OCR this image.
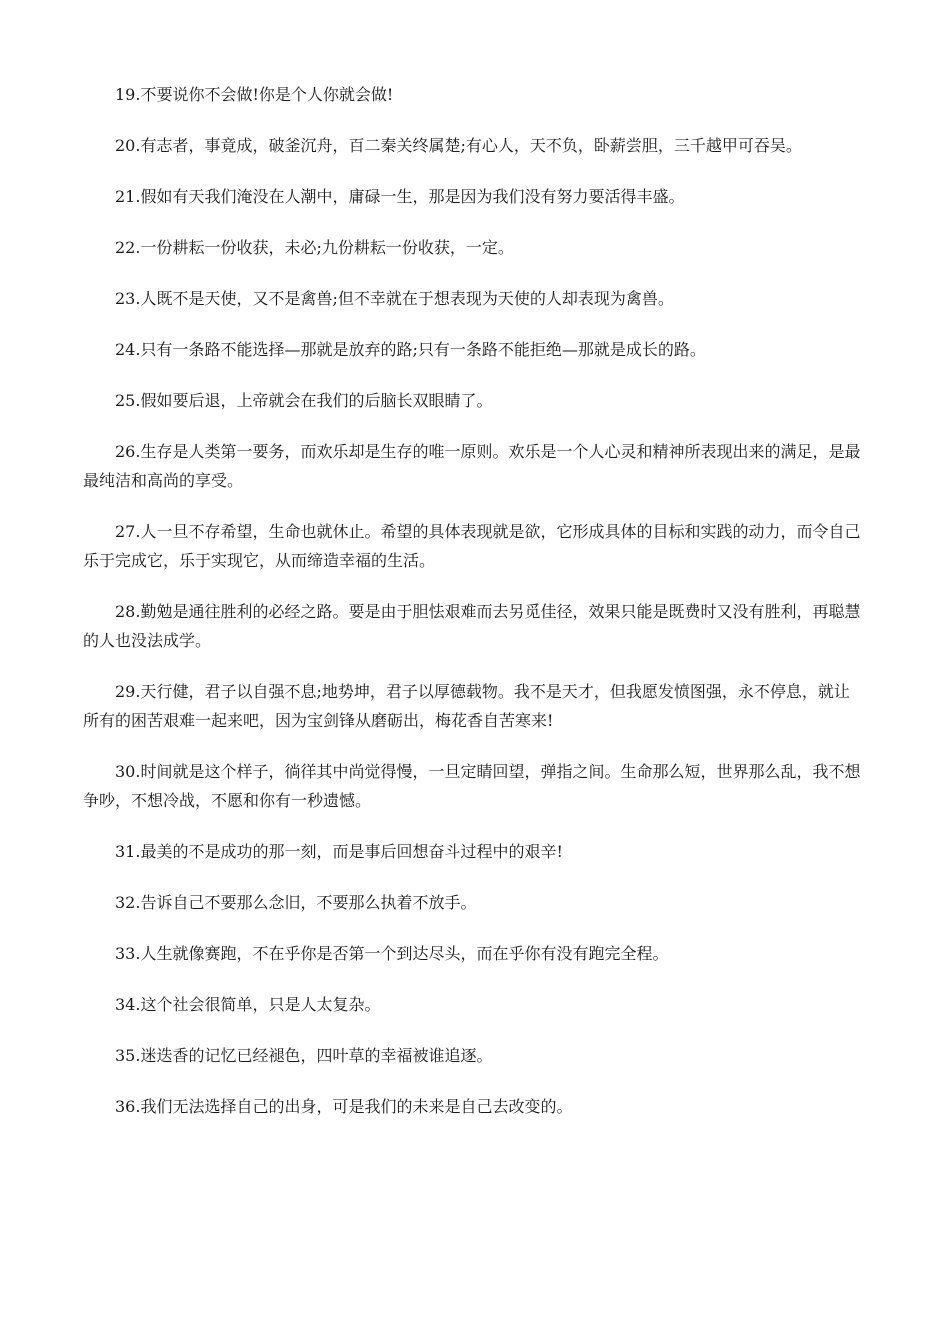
19.不要说你不会做!你是个人你就会做!

20.有志者，事竟成，破釜沉舟，百二秦关终属楚;有心人，天不负，卧薪尝胆，三千越甲可吞吴。

21.假如有天我们淹没在人潮中，庸碌一生，那是因为我们没有努力要活得丰盛。

22.一份耕耘一份收获，未必;九份耕耘一份收获，一定。

23.人既不是天使，又不是禽兽;但不幸就在于想表现为天使的人却表现为禽兽。

24.只有一条路不能选择—那就是放弃的路;只有一条路不能拒绝—那就是成长的路。

25.假如要后退，上帝就会在我们的后脑长双眼睛了。

26.生存是人类第一要务，而欢乐却是生存的唯一原则。欢乐是一个人心灵和精神所表现出来的满足，是最最纯洁和高尚的享受。

27.人一旦不存希望，生命也就休止。希望的具体表现就是欲，它形成具体的目标和实践的动力，而令自己乐于完成它，乐于实现它，从而缔造幸福的生活。

28.勤勉是通往胜利的必经之路。要是由于胆怯艰难而去另觅佳径，效果只能是既费时又没有胜利，再聪慧的人也没法成学。

29.天行健，君子以自强不息;地势坤，君子以厚德载物。我不是天才，但我愿发愤图强，永不停息，就让所有的困苦艰难一起来吧，因为宝剑锋从磨砺出，梅花香自苦寒来!

30.时间就是这个样子，徜徉其中尚觉得慢，一旦定睛回望，弹指之间。生命那么短，世界那么乱，我不想争吵，不想冷战，不愿和你有一秒遗憾。

31.最美的不是成功的那一刻，而是事后回想奋斗过程中的艰辛!

32.告诉自己不要那么念旧，不要那么执着不放手。

33.人生就像赛跑，不在乎你是否第一个到达尽头，而在乎你有没有跑完全程。

34.这个社会很简单，只是人太复杂。

35.迷迭香的记忆已经褪色，四叶草的幸福被谁追逐。

36.我们无法选择自己的出身，可是我们的未来是自己去改变的。
